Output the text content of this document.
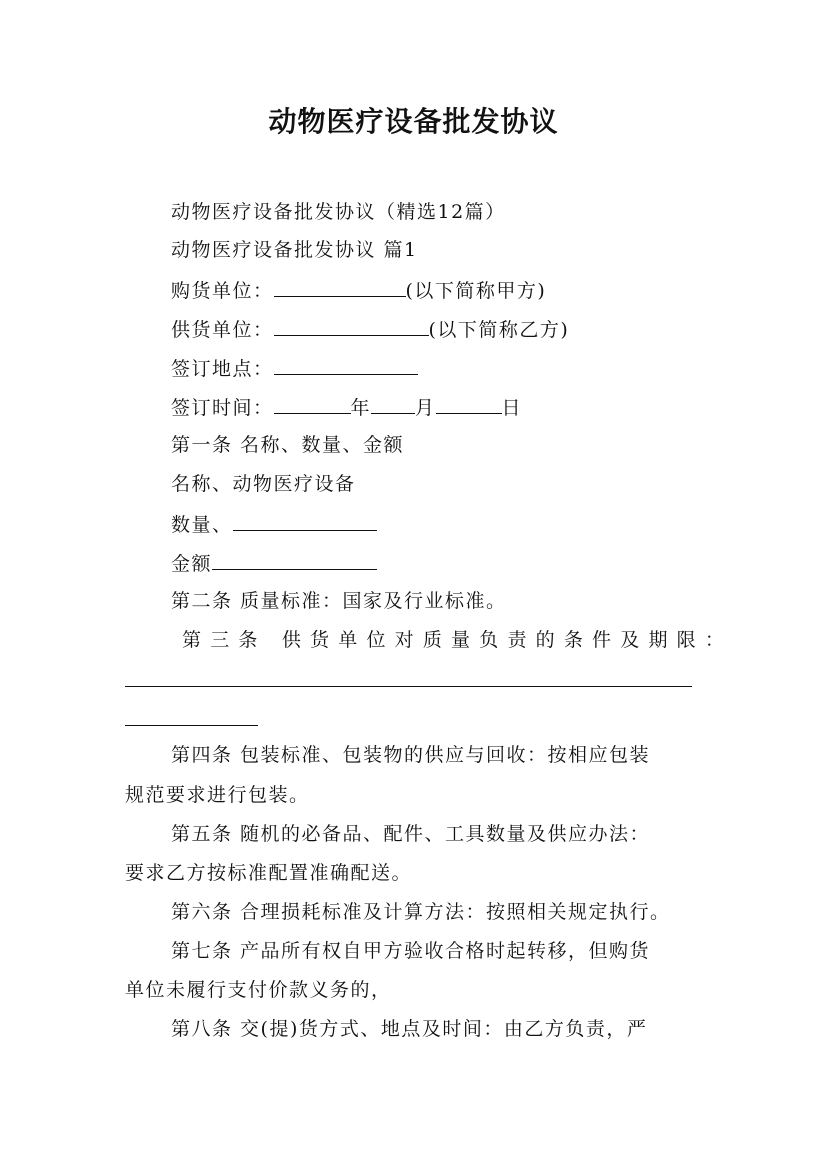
动物医疗设备批发协议
动物医疗设备批发协议（精选12篇）
动物医疗设备批发协议 篇1
购货单位：	(以下简称甲方)
供货单位：	(以下简称乙方)
签订地点：
签订时间：	年 月	日
第一条 名称、数量、金额
名称、动物医疗设备
数量、
金额
第二条 质量标准：国家及行业标准。
第三条 供货单位对质量负责的条件及期限：
第四条 包装标准、包装物的供应与回收：按相应包装
规范要求进行包装。
第五条 随机的必备品、配件、工具数量及供应办法：
要求乙方按标准配置准确配送。
第六条 合理损耗标准及计算方法：按照相关规定执行。
第七条 产品所有权自甲方验收合格时起转移，但购货
单位未履行支付价款义务的，
第八条 交(提)货方式、地点及时间：由乙方负责，严
